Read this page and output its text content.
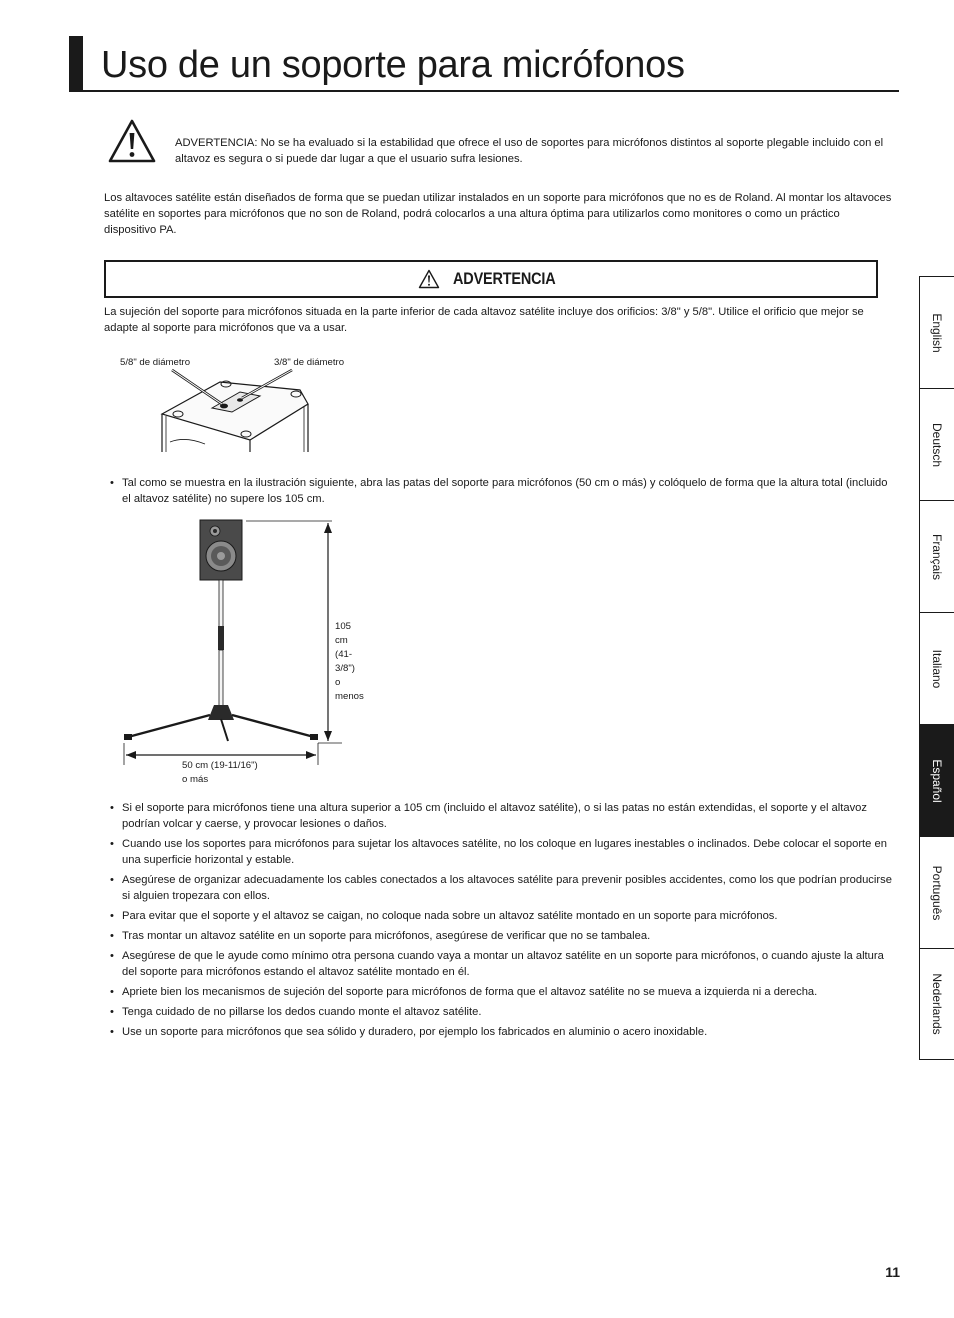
Uso de un soporte para micrófonos

ADVERTENCIA: No se ha evaluado si la estabilidad que ofrece el uso de soportes para micrófonos distintos al soporte plegable incluido con el altavoz es segura o si puede dar lugar a que el usuario sufra lesiones.

Los altavoces satélite están diseñados de forma que se puedan utilizar instalados en un soporte para micrófonos que no es de Roland. Al montar los altavoces satélite en soportes para micrófonos que no son de Roland, podrá colocarlos a una altura óptima para utilizarlos como monitores o como un práctico dispositivo PA.

ADVERTENCIA

La sujeción del soporte para micrófonos situada en la parte inferior de cada altavoz satélite incluye dos orificios: 3/8" y 5/8". Utilice el orificio que mejor se adapte al soporte para micrófonos que va a usar.

5/8" de diámetro	3/8" de diámetro
• Tal como se muestra en la ilustración siguiente, abra las patas del soporte para micrófonos (50 cm o más) y colóquelo de forma que la altura total (incluido el altavoz satélite) no supere los 105 cm.
105 cm (41-3/8")
o menos
50 cm (19-11/16")
o más
• Si el soporte para micrófonos tiene una altura superior a 105 cm (incluido el altavoz satélite), o si las patas no están extendidas, el soporte y el altavoz podrían volcar y caerse, y provocar lesiones o daños.
• Cuando use los soportes para micrófonos para sujetar los altavoces satélite, no los coloque en lugares inestables o inclinados. Debe colocar el soporte en una superficie horizontal y estable.
• Asegúrese de organizar adecuadamente los cables conectados a los altavoces satélite para prevenir posibles accidentes, como los que podrían producirse si alguien tropezara con ellos.
• Para evitar que el soporte y el altavoz se caigan, no coloque nada sobre un altavoz satélite montado en un soporte para micrófonos.
• Tras montar un altavoz satélite en un soporte para micrófonos, asegúrese de verificar que no se tambalea.
• Asegúrese de que le ayude como mínimo otra persona cuando vaya a montar un altavoz satélite en un soporte para micrófonos, o cuando ajuste la altura del soporte para micrófonos estando el altavoz satélite montado en él.
• Apriete bien los mecanismos de sujeción del soporte para micrófonos de forma que el altavoz satélite no se mueva a izquierda ni a derecha.
• Tenga cuidado de no pillarse los dedos cuando monte el altavoz satélite.
• Use un soporte para micrófonos que sea sólido y duradero, por ejemplo los fabricados en aluminio o acero inoxidable.
English
Deutsch
Français
Italiano
Español
Português
Nederlands
11
